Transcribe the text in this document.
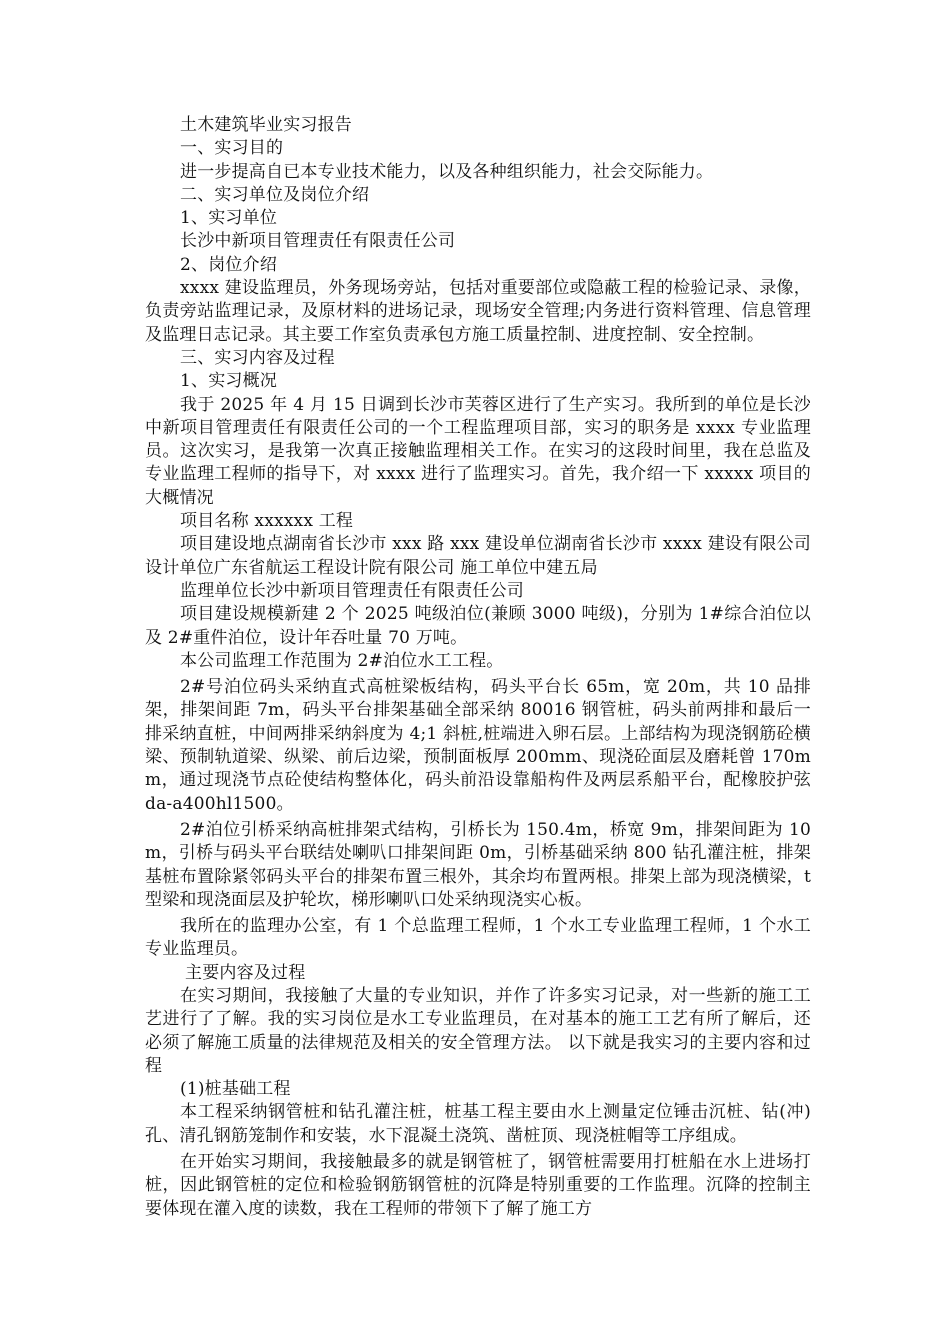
土木建筑毕业实习报告

一、实习目的

进一步提高自已本专业技术能力，以及各种组织能力，社会交际能力。

二、实习单位及岗位介绍

1、实习单位

长沙中新项目管理责任有限责任公司

2、岗位介绍

xxxx 建设监理员，外务现场旁站，包括对重要部位或隐蔽工程的检验记录、录像，负责旁站监理记录，及原材料的进场记录，现场安全管理;内务进行资料管理、信息管理及监理日志记录。其主要工作室负责承包方施工质量控制、进度控制、安全控制。

三、实习内容及过程

1、实习概况

我于 2025 年 4 月 15 日调到长沙市芙蓉区进行了生产实习。我所到的单位是长沙中新项目管理责任有限责任公司的一个工程监理项目部，实习的职务是 xxxx 专业监理员。这次实习，是我第一次真正接触监理相关工作。在实习的这段时间里，我在总监及专业监理工程师的指导下，对 xxxx 进行了监理实习。首先，我介绍一下 xxxxx 项目的大概情况

项目名称 xxxxxx 工程

项目建设地点湖南省长沙市 xxx 路 xxx 建设单位湖南省长沙市 xxxx 建设有限公司 设计单位广东省航运工程设计院有限公司 施工单位中建五局

监理单位长沙中新项目管理责任有限责任公司

项目建设规模新建 2 个 2025 吨级泊位(兼顾 3000 吨级)，分别为 1#综合泊位以及 2#重件泊位，设计年吞吐量 70 万吨。

本公司监理工作范围为 2#泊位水工工程。

2#号泊位码头采纳直式高桩梁板结构，码头平台长 65m，宽 20m，共 10 品排架，排架间距 7m，码头平台排架基础全部采纳 80016 钢管桩，码头前两排和最后一排采纳直桩，中间两排采纳斜度为 4;1 斜桩,桩端进入卵石层。上部结构为现浇钢筋砼横梁、预制轨道梁、纵梁、前后边梁，预制面板厚 200mm、现浇砼面层及磨耗曾 170mm，通过现浇节点砼使结构整体化，码头前沿设靠船构件及两层系船平台，配橡胶护弦 da-a400hl1500。

2#泊位引桥采纳高桩排架式结构，引桥长为 150.4m，桥宽 9m，排架间距为 10m，引桥与码头平台联结处喇叭口排架间距 0m，引桥基础采纳 800 钻孔灌注桩，排架基桩布置除紧邻码头平台的排架布置三根外，其余均布置两根。排架上部为现浇横梁，t 型梁和现浇面层及护轮坎，梯形喇叭口处采纳现浇实心板。

我所在的监理办公室，有 1 个总监理工程师，1 个水工专业监理工程师，1 个水工专业监理员。

主要内容及过程

在实习期间，我接触了大量的专业知识，并作了许多实习记录，对一些新的施工工艺进行了了解。我的实习岗位是水工专业监理员，在对基本的施工工艺有所了解后，还必须了解施工质量的法律规范及相关的安全管理方法。 以下就是我实习的主要内容和过程

(1)桩基础工程

本工程采纳钢管桩和钻孔灌注桩，桩基工程主要由水上测量定位锤击沉桩、钻(冲)孔、清孔钢筋笼制作和安装，水下混凝土浇筑、凿桩顶、现浇桩帽等工序组成。

在开始实习期间，我接触最多的就是钢管桩了，钢管桩需要用打桩船在水上进场打桩，因此钢管桩的定位和检验钢筋钢管桩的沉降是特别重要的工作监理。沉降的控制主要体现在灌入度的读数，我在工程师的带领下了解了施工方
